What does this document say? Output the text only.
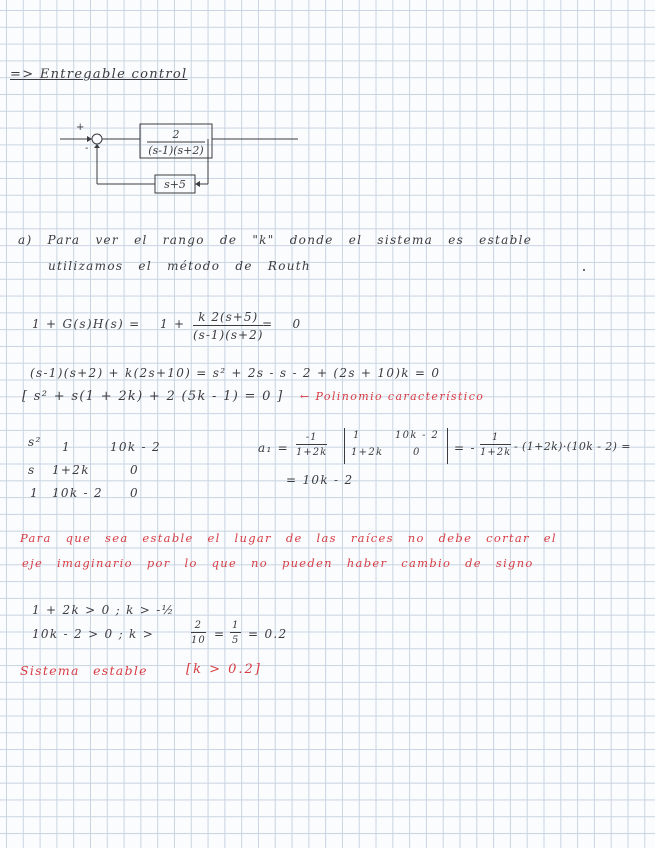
=> Entregable control
+
-
2
(s-1)(s+2)
s+5
a) Para ver el rango de "k" donde el sistema es estable
utilizamos el método de Routh
$1 + G(s)H(s) = 1 + \frac{k 2(s+5)}{(s-1)(s+2)}$
= 0
(s-1)(s+2) + k(2s+10) = s² + 2s - s - 2 + (2s + 10)k = 0
[ s² + s(1 + 2k) + 2 (5k - 1) = 0 ] ← Polinomio característico
s² 1	10k - 2
s 1+2k	0
1 10k - 2 0
$a_1 = \frac{-1}{1+2k}$	1	10k - 2
1+2k	0	= - $\frac{1}{1+2k} - (1+2k)\cdot(10k - 2)$ =
= 10k - 2
Para que sea estable el lugar de las raíces no debe cortar el
eje imaginario por lo que no pueden haber cambio de signo
1 + 2k > 0 ; k > -½
10k - 2 > 0 ; k >	$\frac{2}{10} = \frac{1}{5} = 0.2$
Sistema estable	[k > 0.2]
